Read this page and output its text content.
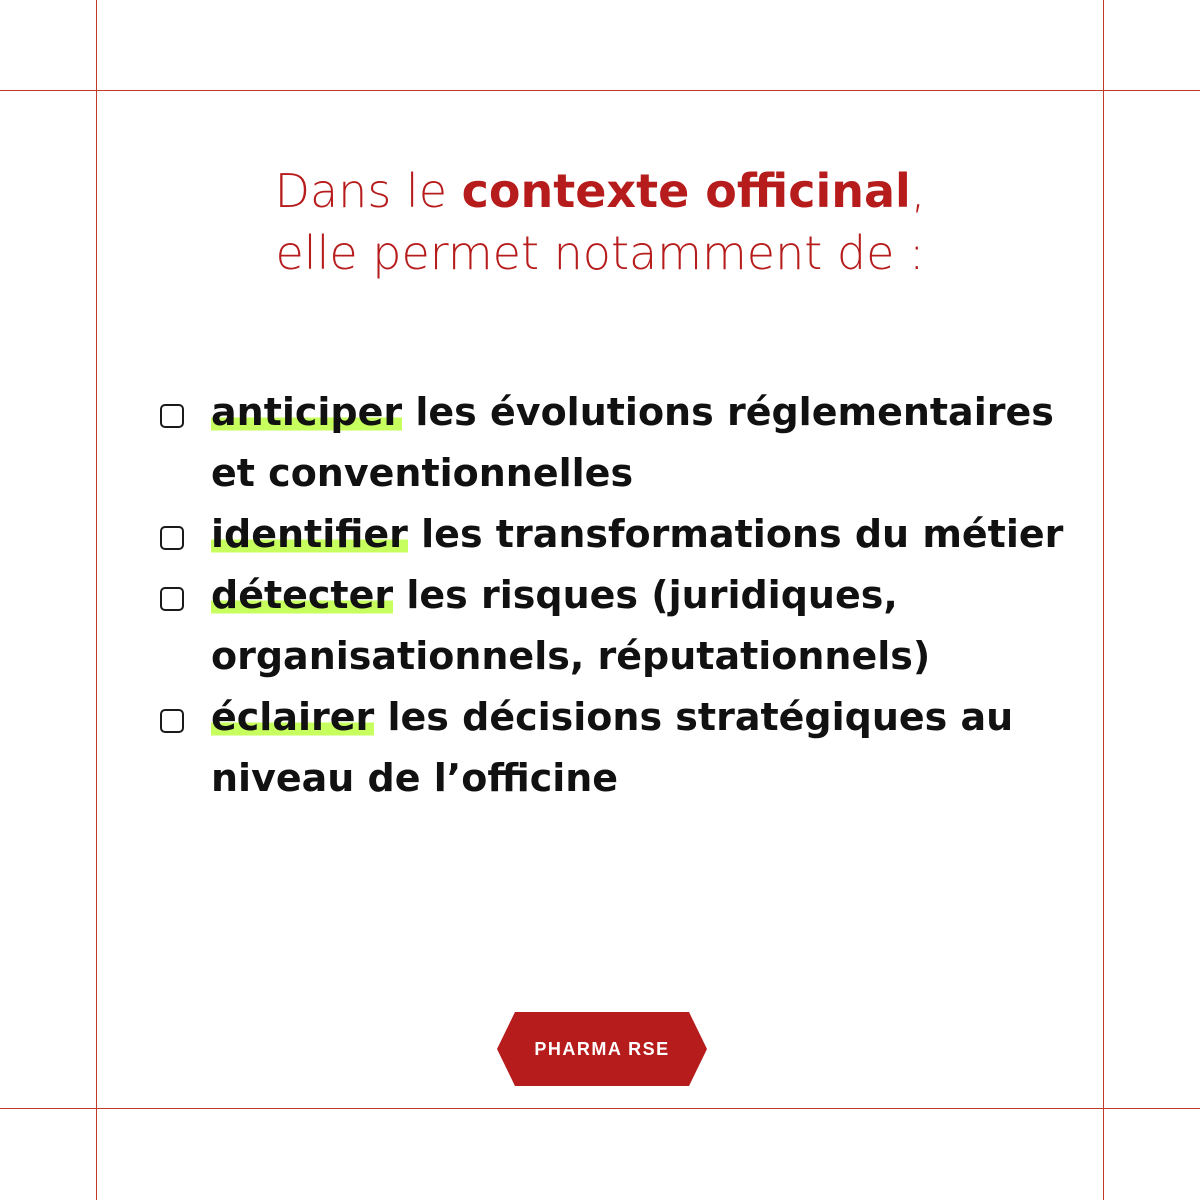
Dans le contexte officinal,
elle permet notamment de :
anticiper les évolutions réglementaires et conventionnelles
identifier les transformations du métier
détecter les risques (juridiques, organisationnels, réputationnels)
éclairer les décisions stratégiques au niveau de l’officine
PHARMA RSE
